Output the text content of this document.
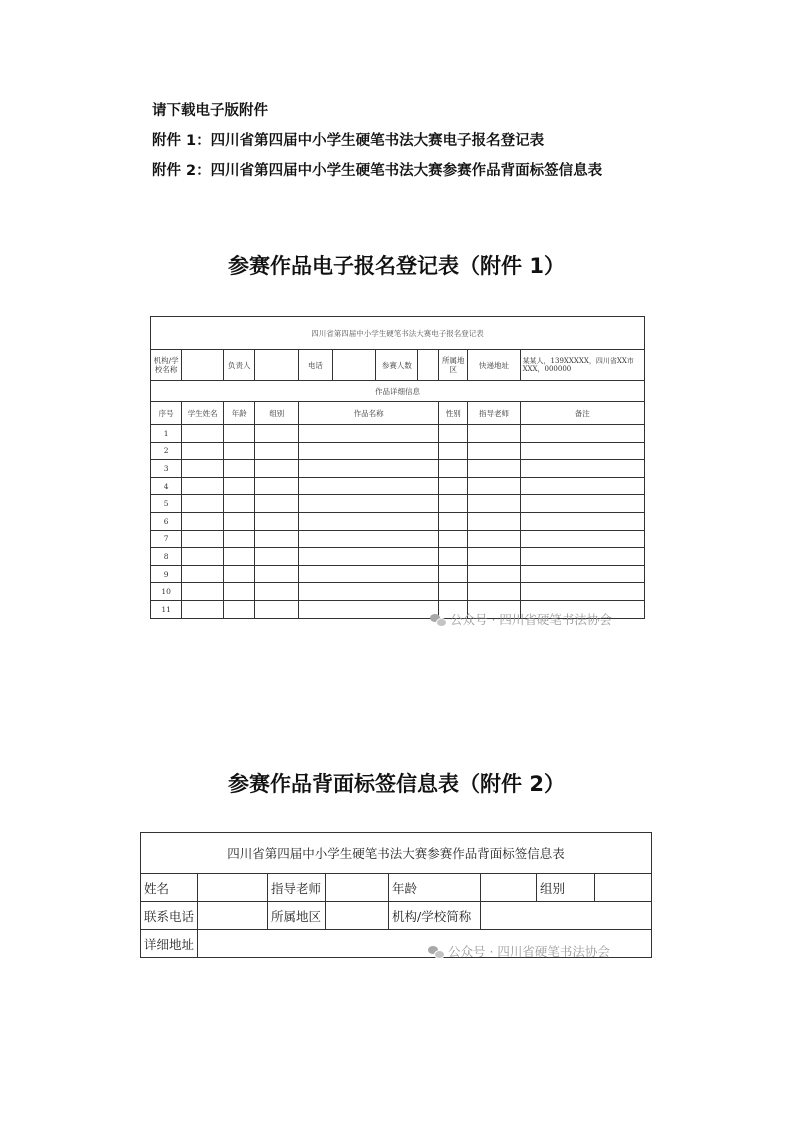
请下载电子版附件
附件 1：四川省第四届中小学生硬笔书法大赛电子报名登记表
附件 2：四川省第四届中小学生硬笔书法大赛参赛作品背面标签信息表
参赛作品电子报名登记表（附件 1）
四川省第四届中小学生硬笔书法大赛电子报名登记表										
机构/学校名称		负责人		电话		参赛人数		所属地区	快递地址	某某人，139XXXXX，四川省XX市XXX，000000
作品详细信息										
序号	学生姓名	年龄	组别	作品名称				性别	指导老师	备注
1										
2										
3										
4										
5										
6										
7										
8										
9										
10										
11										
公众号 · 四川省硬笔书法协会
参赛作品背面标签信息表（附件 2）
四川省第四届中小学生硬笔书法大赛参赛作品背面标签信息表							
姓名		指导老师		年龄		组别	
联系电话		所属地区		机构/学校简称			
详细地址								公众号 · 四川省硬笔书法协会
